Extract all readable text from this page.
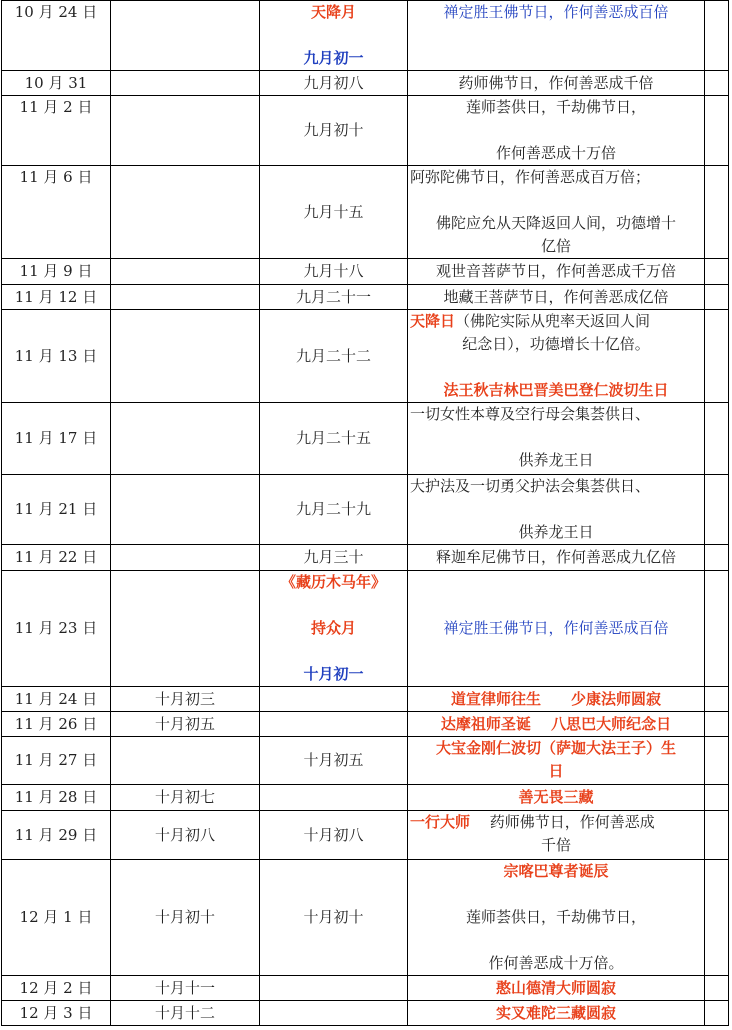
10 月 24 日		天降月
九月初一	禅定胜王佛节日，作何善恶成百倍	

10 月 31		九月初八	药师佛节日，作何善恶成千倍	

11 月 2 日		九月初十	莲师荟供日，千劫佛节日，
作何善恶成十万倍	

11 月 6 日		九月十五	阿弥陀佛节日，作何善恶成百万倍；
佛陀应允从天降返回人间，功德增十
亿倍	

11 月 9 日		九月十八	观世音菩萨节日，作何善恶成千万倍	

11 月 12 日		九月二十一	地藏王菩萨节日，作何善恶成亿倍	

11 月 13 日		九月二十二	天降日（佛陀实际从兜率天返回人间
纪念日），功德增长十亿倍。
法王秋吉林巴晋美巴登仁波切生日	

11 月 17 日		九月二十五	一切女性本尊及空行母会集荟供日、
供养龙王日	

11 月 21 日		九月二十九	大护法及一切勇父护法会集荟供日、
供养龙王日	

11 月 22 日		九月三十	释迦牟尼佛节日，作何善恶成九亿倍	

11 月 23 日		《藏历木马年》
持众月
十月初一	禅定胜王佛节日，作何善恶成百倍	

11 月 24 日	十月初三		道宣律师往生　　少康法师圆寂	

11 月 26 日	十月初五		达摩祖师圣诞　 八思巴大师纪念日	

11 月 27 日		十月初五	大宝金刚仁波切（萨迦大法王子）生
日	

11 月 28 日	十月初七		善无畏三藏	

11 月 29 日	十月初八	十月初八	一行大师　 药师佛节日，作何善恶成
千倍	

12 月 1 日	十月初十	十月初十	宗喀巴尊者诞辰
莲师荟供日，千劫佛节日，
作何善恶成十万倍。	

12 月 2 日	十月十一		憨山德清大师圆寂	

12 月 3 日	十月十二		实叉难陀三藏圆寂	
